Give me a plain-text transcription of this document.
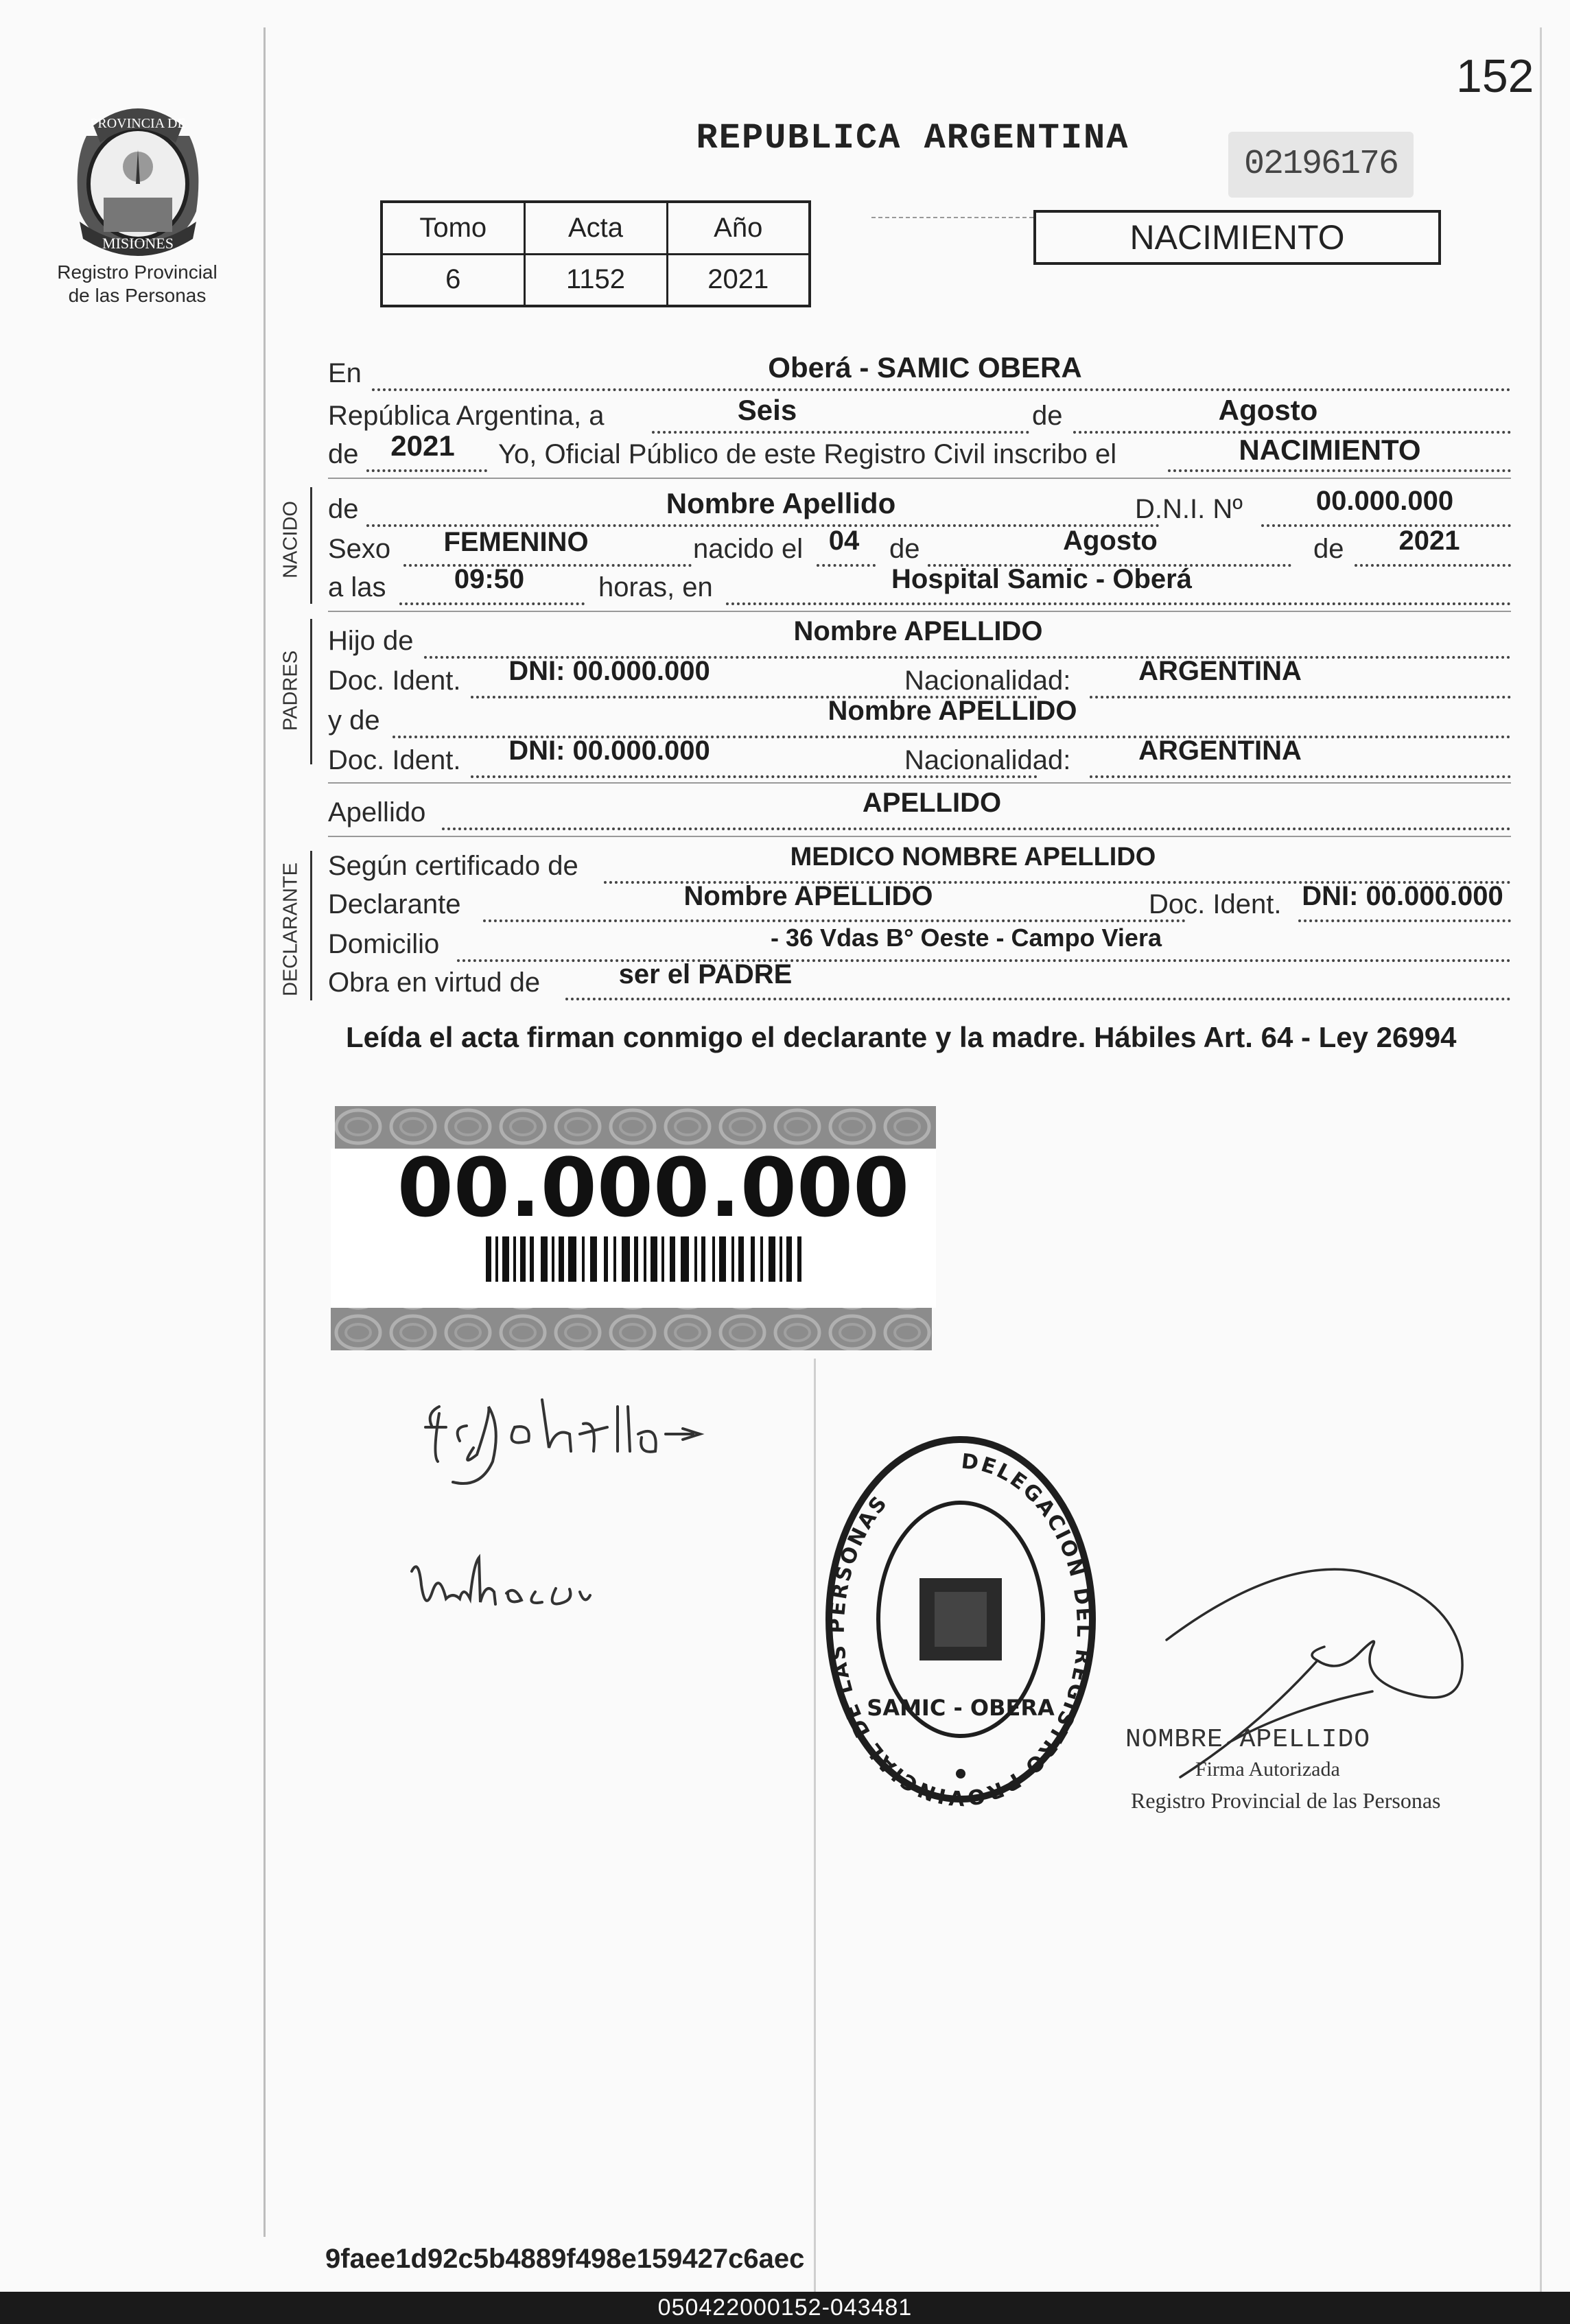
152
PROVINCIA DE
MISIONES
Registro Provincial
de las Personas
REPUBLICA ARGENTINA
02196176
Tomo	Acta	Año
6	1152	2021
NACIMIENTO
NACIDO
PADRES
DECLARANTE
En	Oberá - SAMIC OBERA
República Argentina, a	Seis	de	Agosto
de	2021	Yo, Oficial Público de este Registro Civil inscribo el	NACIMIENTO
de	Nombre Apellido	D.N.I. Nº	00.000.000
Sexo	FEMENINO	nacido el 04	de	Agosto	de	2021
a las	09:50	horas, en	Hospital Samic - Oberá
Hijo de	Nombre APELLIDO
Doc. Ident.	DNI: 00.000.000	Nacionalidad: ARGENTINA
y de	Nombre APELLIDO
Doc. Ident.	DNI: 00.000.000	Nacionalidad: ARGENTINA
Apellido	APELLIDO
Según certificado de	MEDICO NOMBRE APELLIDO
Declarante	Nombre APELLIDO	Doc. Ident. DNI: 00.000.000
Domicilio	- 36 Vdas B° Oeste - Campo Viera
Obra en virtud de	ser el PADRE
Leída el acta firman conmigo el declarante y la madre. Hábiles Art. 64 - Ley 26994
00.000.000
DELEGACIÓN DEL REGISTRO PROVINCIAL DE LAS PERSONAS
SAMIC - OBERA
NOMBRE APELLIDO
Firma Autorizada
Registro Provincial de las Personas
9faee1d92c5b4889f498e159427c6aec
050422000152-043481
